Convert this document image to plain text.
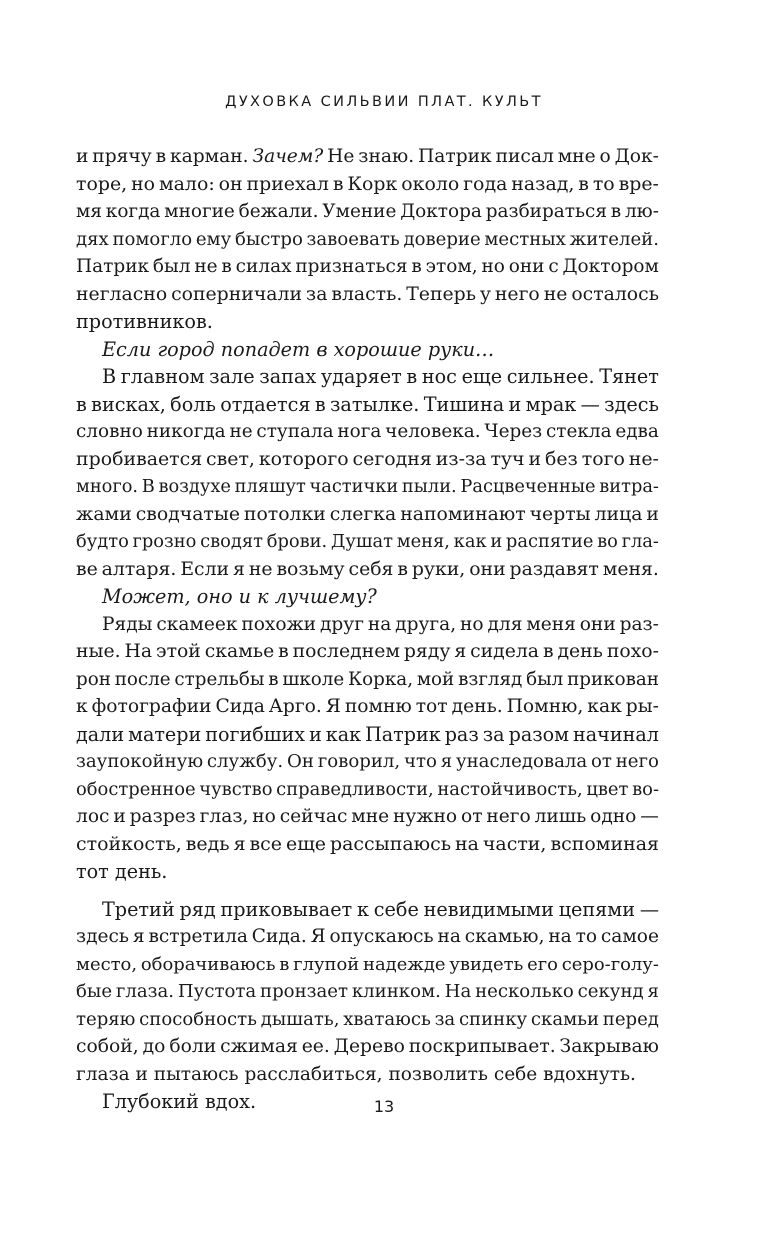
ДУХОВКА СИЛЬВИИ ПЛАТ. КУЛЬТ
и прячу в карман. Зачем? Не знаю. Патрик писал мне о Док-
торе, но мало: он приехал в Корк около года назад, в то вре-
мя когда многие бежали. Умение Доктора разбираться в лю-
дях помогло ему быстро завоевать доверие местных жителей.
Патрик был не в силах признаться в этом, но они с Доктором
негласно соперничали за власть. Теперь у него не осталось
противников.
Если город попадет в хорошие руки…
В главном зале запах ударяет в нос еще сильнее. Тянет
в висках, боль отдается в затылке. Тишина и мрак — здесь
словно никогда не ступала нога человека. Через стекла едва
пробивается свет, которого сегодня из-за туч и без того не-
много. В воздухе пляшут частички пыли. Расцвеченные витра-
жами сводчатые потолки слегка напоминают черты лица и
будто грозно сводят брови. Душат меня, как и распятие во гла-
ве алтаря. Если я не возьму себя в руки, они раздавят меня.
Может, оно и к лучшему?
Ряды скамеек похожи друг на друга, но для меня они раз-
ные. На этой скамье в последнем ряду я сидела в день похо-
рон после стрельбы в школе Корка, мой взгляд был прикован
к фотографии Сида Арго. Я помню тот день. Помню, как ры-
дали матери погибших и как Патрик раз за разом начинал
заупокойную службу. Он говорил, что я унаследовала от него
обостренное чувство справедливости, настойчивость, цвет во-
лос и разрез глаз, но сейчас мне нужно от него лишь одно —
стойкость, ведь я все еще рассыпаюсь на части, вспоминая
тот день.
Третий ряд приковывает к себе невидимыми цепями —
здесь я встретила Сида. Я опускаюсь на скамью, на то самое
место, оборачиваюсь в глупой надежде увидеть его серо-голу-
бые глаза. Пустота пронзает клинком. На несколько секунд я
теряю способность дышать, хватаюсь за спинку скамьи перед
собой, до боли сжимая ее. Дерево поскрипывает. Закрываю
глаза и пытаюсь расслабиться, позволить себе вдохнуть.
Глубокий вдох.	13
